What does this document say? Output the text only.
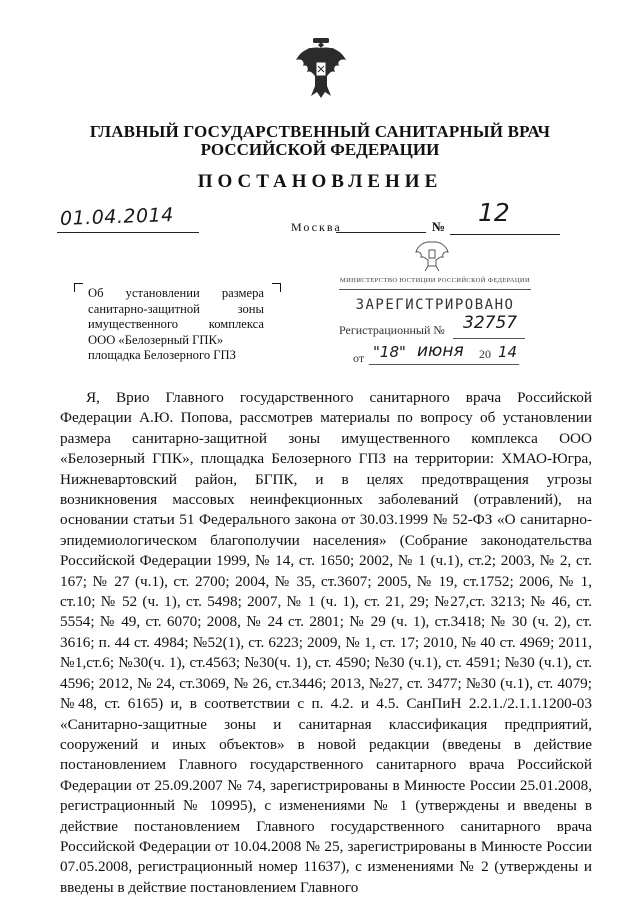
ГЛАВНЫЙ ГОСУДАРСТВЕННЫЙ САНИТАРНЫЙ ВРАЧ
РОССИЙСКОЙ ФЕДЕРАЦИИ
ПОСТАНОВЛЕНИЕ
01.04.2014	Москва	№ 12
Об установлении размера
санитарно-защитной зоны
имущественного комплекса
ООО «Белозерный ГПК»
площадка Белозерного ГПЗ
МИНИСТЕРСТВО ЮСТИЦИИ РОССИЙСКОЙ ФЕДЕРАЦИИ
ЗАРЕГИСТРИРОВАНО
Регистрационный № 32757
от "18" июня 20 14
Я, Врио Главного государственного санитарного врача Российской Федерации А.Ю. Попова, рассмотрев материалы по вопросу об установлении размера санитарно-защитной зоны имущественного комплекса ООО «Белозерный ГПК», площадка Белозерного ГПЗ на территории: ХМАО-Югра, Нижневартовский район, БГПК, и в целях предотвращения угрозы возникновения массовых неинфекционных заболеваний (отравлений), на основании статьи 51 Федерального закона от 30.03.1999 № 52-ФЗ «О санитарно-эпидемиологическом благополучии населения» (Собрание законодательства Российской Федерации 1999, № 14, ст. 1650; 2002, № 1 (ч.1), ст.2; 2003, № 2, ст. 167; № 27 (ч.1), ст. 2700; 2004, № 35, ст.3607; 2005, № 19, ст.1752; 2006, № 1, ст.10; № 52 (ч. 1), ст. 5498; 2007, № 1 (ч. 1), ст. 21, 29; №27,ст. 3213; № 46, ст. 5554; № 49, ст. 6070; 2008, № 24 ст. 2801; № 29 (ч. 1), ст.3418; № 30 (ч. 2), ст. 3616; п. 44 ст. 4984; №52(1), ст. 6223; 2009, № 1, ст. 17; 2010, № 40 ст. 4969; 2011, №1,ст.6; №30(ч. 1), ст.4563; №30(ч. 1), ст. 4590; №30 (ч.1), ст. 4591; №30 (ч.1), ст. 4596; 2012, № 24, ст.3069, № 26, ст.3446; 2013, №27, ст. 3477; №30 (ч.1), ст. 4079; №48, ст. 6165) и, в соответствии с п. 4.2. и 4.5. СанПиН 2.2.1./2.1.1.1200-03 «Санитарно-защитные зоны и санитарная классификация предприятий, сооружений и иных объектов» в новой редакции (введены в действие постановлением Главного государственного санитарного врача Российской Федерации от 25.09.2007 № 74, зарегистрированы в Минюсте России 25.01.2008, регистрационный № 10995), с изменениями № 1 (утверждены и введены в действие постановлением Главного государственного санитарного врача Российской Федерации от 10.04.2008 № 25, зарегистрированы в Минюсте России 07.05.2008, регистрационный номер 11637), с изменениями № 2 (утверждены и введены в действие постановлением Главного
